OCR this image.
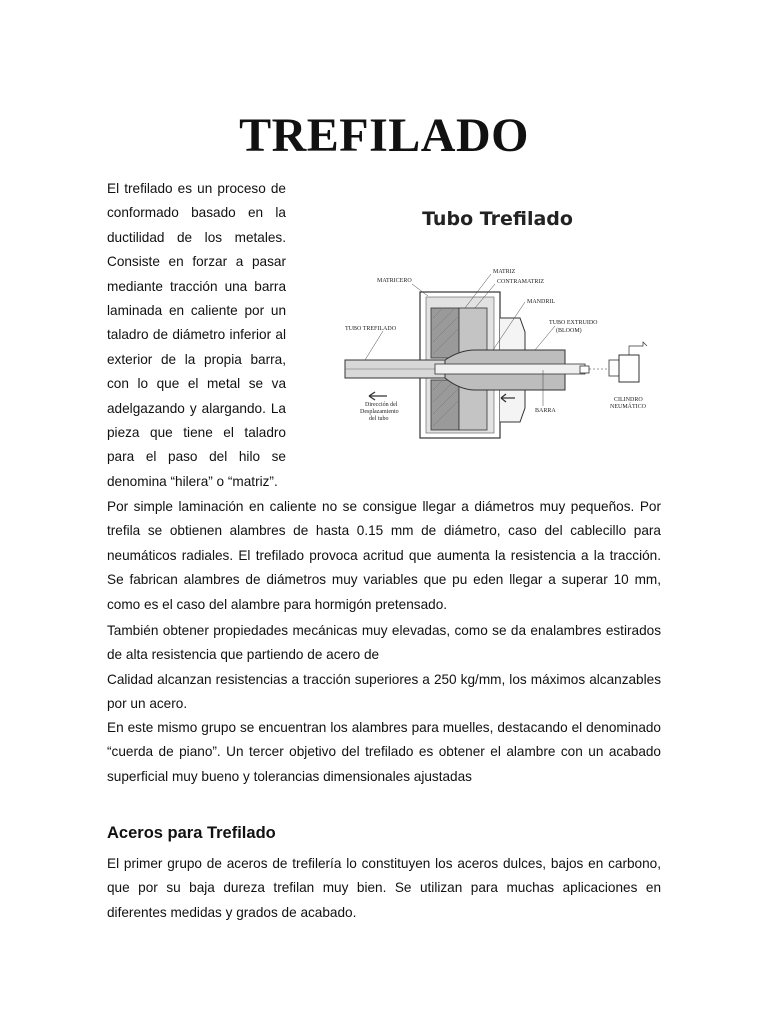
TREFILADO

El trefilado es un proceso de conformado basado en la ductilidad de los metales. Consiste en forzar a pasar mediante tracción una barra laminada en caliente por un taladro de diámetro inferior al exterior de la propia barra, con lo que el metal se va adelgazando y alargando. La pieza que tiene el taladro para el paso del hilo se denomina “hilera” o “matriz”.

MATRICERO
MATRIZ
CONTRAMATRIZ
MANDRIL
TUBO TREFILADO
TUBO EXTRUIDO
(BLOOM)
Dirección del
Desplazamiento
del tubo
BARRA
CILINDRO
NEUMÁTICO
Tubo Trefilado

Por simple laminación en caliente no se consigue llegar a diámetros muy pequeños. Por trefila se obtienen alambres de hasta 0.15 mm de diámetro, caso del cablecillo para neumáticos radiales. El trefilado provoca acritud que aumenta la resistencia a la tracción. Se fabrican alambres de diámetros muy variables que pu eden llegar a superar 10 mm, como es el caso del alambre para hormigón pretensado.

También obtener propiedades mecánicas muy elevadas, como se da enalambres estirados de alta resistencia que partiendo de acero de

Calidad alcanzan resistencias a tracción superiores a 250 kg/mm, los máximos alcanzables por un acero.

En este mismo grupo se encuentran los alambres para muelles, destacando el denominado “cuerda de piano”. Un tercer objetivo del trefilado es obtener el alambre con un acabado superficial muy bueno y tolerancias dimensionales ajustadas

Aceros para Trefilado

El primer grupo de aceros de trefilería lo constituyen los aceros dulces, bajos en carbono, que por su baja dureza trefilan muy bien. Se utilizan para muchas aplicaciones en diferentes medidas y grados de acabado.
